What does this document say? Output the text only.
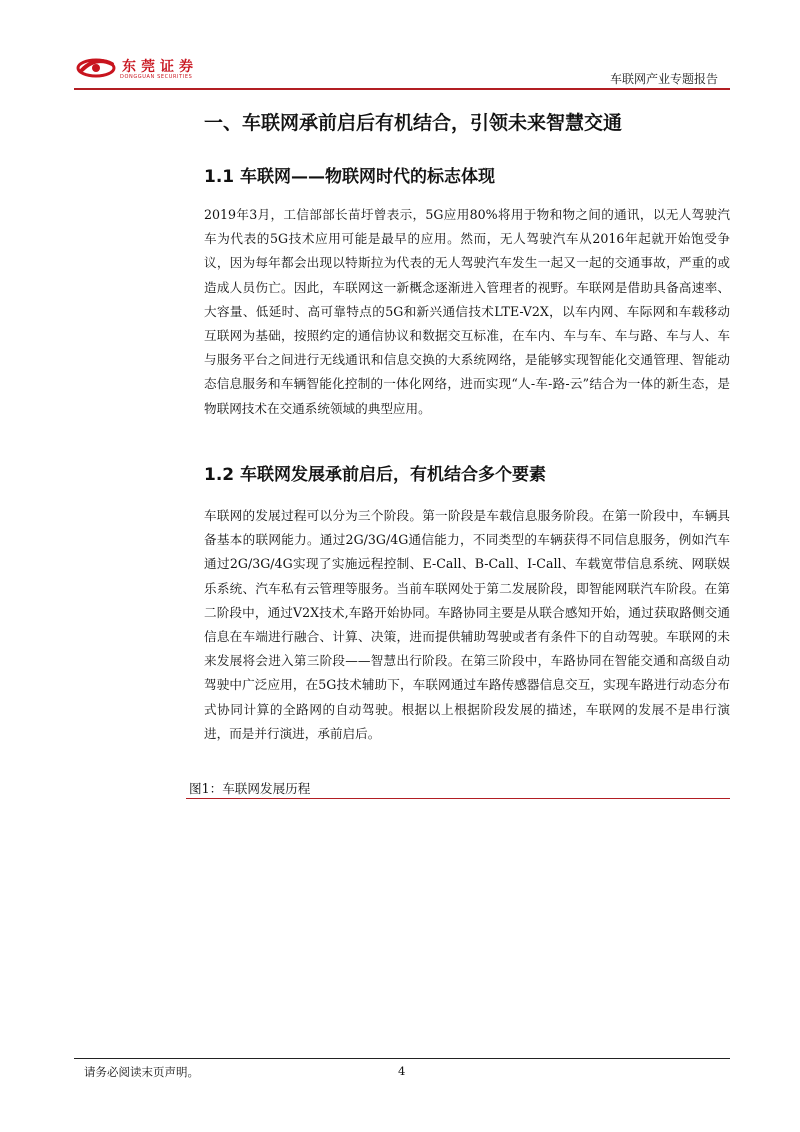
东莞证券
DONGGUAN SECURITIES	车联网产业专题报告
一、车联网承前启后有机结合，引领未来智慧交通
1.1 车联网——物联网时代的标志体现
2019年3月，工信部部长苗圩曾表示，5G应用80%将用于物和物之间的通讯，以无人驾驶汽车为代表的5G技术应用可能是最早的应用。然而，无人驾驶汽车从2016年起就开始饱受争议，因为每年都会出现以特斯拉为代表的无人驾驶汽车发生一起又一起的交通事故，严重的或造成人员伤亡。因此，车联网这一新概念逐渐进入管理者的视野。车联网是借助具备高速率、大容量、低延时、高可靠特点的5G和新兴通信技术LTE-V2X，以车内网、车际网和车载移动互联网为基础，按照约定的通信协议和数据交互标准，在车内、车与车、车与路、车与人、车与服务平台之间进行无线通讯和信息交换的大系统网络，是能够实现智能化交通管理、智能动态信息服务和车辆智能化控制的一体化网络，进而实现“人-车-路-云”结合为一体的新生态，是物联网技术在交通系统领域的典型应用。
1.2 车联网发展承前启后，有机结合多个要素
车联网的发展过程可以分为三个阶段。第一阶段是车载信息服务阶段。在第一阶段中，车辆具备基本的联网能力。通过2G/3G/4G通信能力，不同类型的车辆获得不同信息服务，例如汽车通过2G/3G/4G实现了实施远程控制、E-Call、B-Call、I-Call、车载宽带信息系统、网联娱乐系统、汽车私有云管理等服务。当前车联网处于第二发展阶段，即智能网联汽车阶段。在第二阶段中，通过V2X技术,车路开始协同。车路协同主要是从联合感知开始，通过获取路侧交通信息在车端进行融合、计算、决策，进而提供辅助驾驶或者有条件下的自动驾驶。车联网的未来发展将会进入第三阶段——智慧出行阶段。在第三阶段中，车路协同在智能交通和高级自动驾驶中广泛应用，在5G技术辅助下，车联网通过车路传感器信息交互，实现车路进行动态分布式协同计算的全路网的自动驾驶。根据以上根据阶段发展的描述，车联网的发展不是串行演进，而是并行演进，承前启后。
图1：车联网发展历程
请务必阅读末页声明。	4
